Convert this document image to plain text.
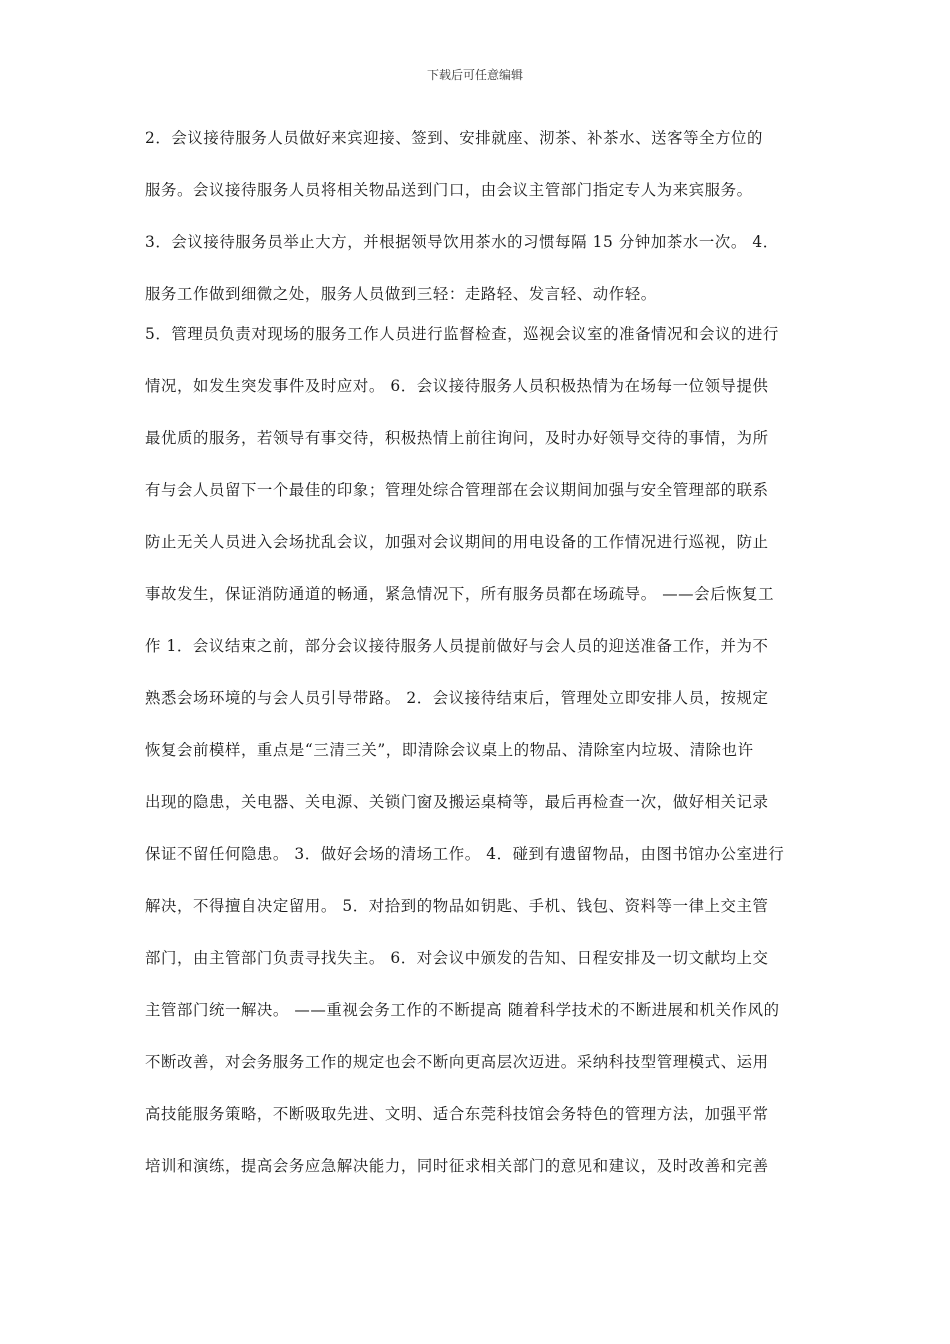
下载后可任意编辑
2．会议接待服务人员做好来宾迎接、签到、安排就座、沏茶、补茶水、送客等全方位的
服务。会议接待服务人员将相关物品送到门口，由会议主管部门指定专人为来宾服务。
3．会议接待服务员举止大方，并根据领导饮用茶水的习惯每隔 15 分钟加茶水一次。 4．
服务工作做到细微之处，服务人员做到三轻：走路轻、发言轻、动作轻。
5．管理员负责对现场的服务工作人员进行监督检查，巡视会议室的准备情况和会议的进行
情况，如发生突发事件及时应对。 6．会议接待服务人员积极热情为在场每一位领导提供
最优质的服务，若领导有事交待，积极热情上前往询问，及时办好领导交待的事情，为所
有与会人员留下一个最佳的印象；管理处综合管理部在会议期间加强与安全管理部的联系
防止无关人员进入会场扰乱会议，加强对会议期间的用电设备的工作情况进行巡视，防止
事故发生，保证消防通道的畅通，紧急情况下，所有服务员都在场疏导。 ——会后恢复工
作 1．会议结束之前，部分会议接待服务人员提前做好与会人员的迎送准备工作，并为不
熟悉会场环境的与会人员引导带路。 2．会议接待结束后，管理处立即安排人员，按规定
恢复会前模样，重点是“三清三关”，即清除会议桌上的物品、清除室内垃圾、清除也许
出现的隐患，关电器、关电源、关锁门窗及搬运桌椅等，最后再检查一次，做好相关记录
保证不留任何隐患。 3．做好会场的清场工作。 4．碰到有遗留物品，由图书馆办公室进行
解决，不得擅自决定留用。 5．对拾到的物品如钥匙、手机、钱包、资料等一律上交主管
部门，由主管部门负责寻找失主。 6．对会议中颁发的告知、日程安排及一切文献均上交
主管部门统一解决。 ——重视会务工作的不断提高 随着科学技术的不断进展和机关作风的
不断改善，对会务服务工作的规定也会不断向更高层次迈进。采纳科技型管理模式、运用
高技能服务策略，不断吸取先进、文明、适合东莞科技馆会务特色的管理方法，加强平常
培训和演练，提高会务应急解决能力，同时征求相关部门的意见和建议，及时改善和完善
